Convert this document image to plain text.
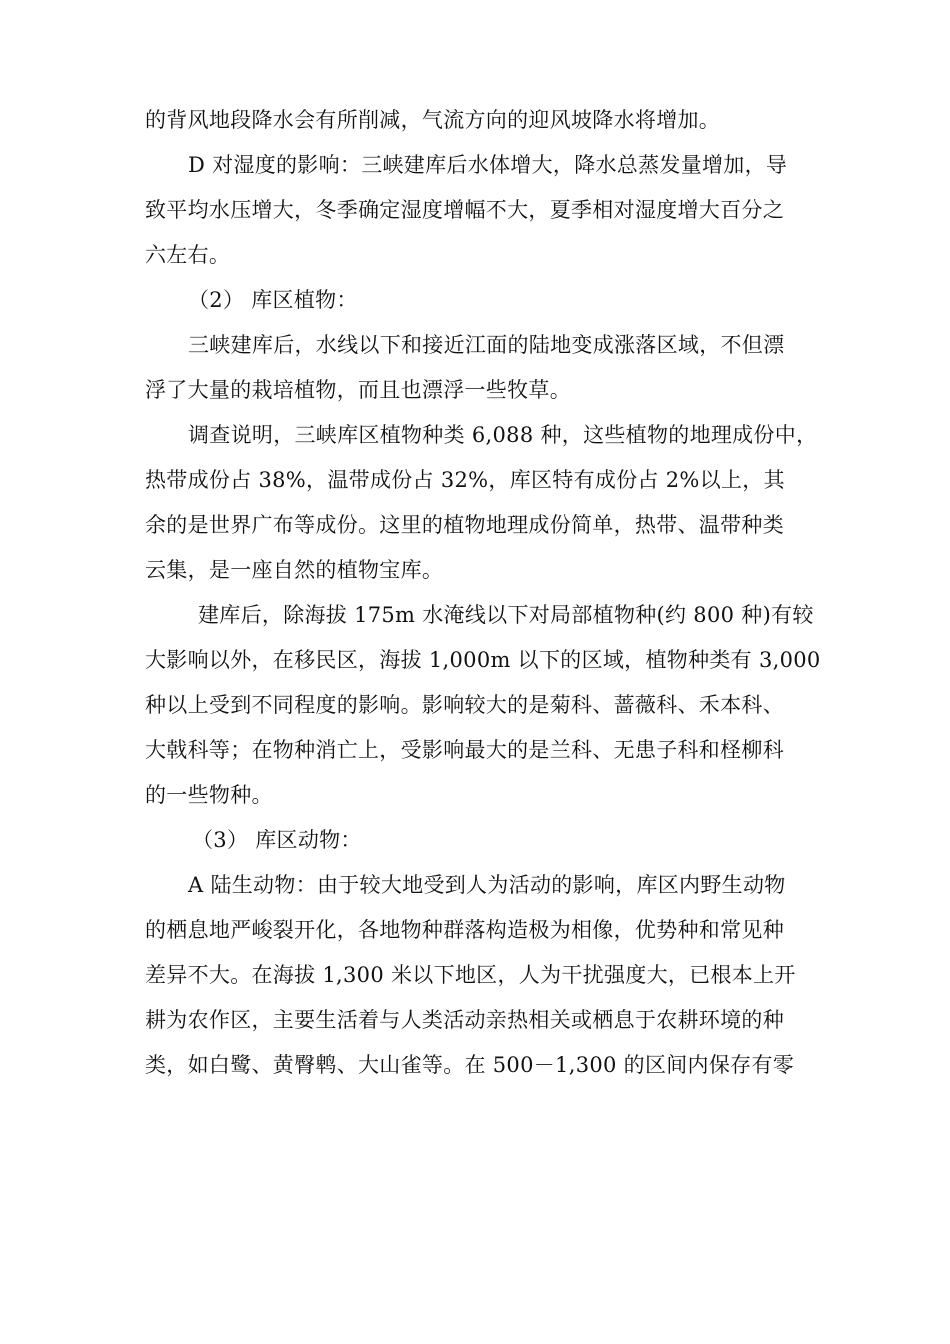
的背风地段降水会有所削减，气流方向的迎风坡降水将增加。
D 对湿度的影响：三峡建库后水体增大，降水总蒸发量增加，导
致平均水压增大，冬季确定湿度增幅不大，夏季相对湿度增大百分之
六左右。
（2） 库区植物：
三峡建库后，水线以下和接近江面的陆地变成涨落区域，不但漂
浮了大量的栽培植物，而且也漂浮一些牧草。
调查说明，三峡库区植物种类 6,088 种，这些植物的地理成份中，
热带成份占 38%，温带成份占 32%，库区特有成份占 2%以上，其
余的是世界广布等成份。这里的植物地理成份简单，热带、温带种类
云集，是一座自然的植物宝库。
建库后，除海拔 175m 水淹线以下对局部植物种(约 800 种)有较
大影响以外，在移民区，海拔 1,000m 以下的区域，植物种类有 3,000
种以上受到不同程度的影响。影响较大的是菊科、蔷薇科、禾本科、
大戟科等；在物种消亡上，受影响最大的是兰科、无患子科和柽柳科
的一些物种。
（3） 库区动物：
A 陆生动物：由于较大地受到人为活动的影响，库区内野生动物
的栖息地严峻裂开化，各地物种群落构造极为相像，优势种和常见种
差异不大。在海拔 1,300 米以下地区，人为干扰强度大，已根本上开
耕为农作区，主要生活着与人类活动亲热相关或栖息于农耕环境的种
类，如白鹭、黄臀鹎、大山雀等。在 500－1,300 的区间内保存有零
